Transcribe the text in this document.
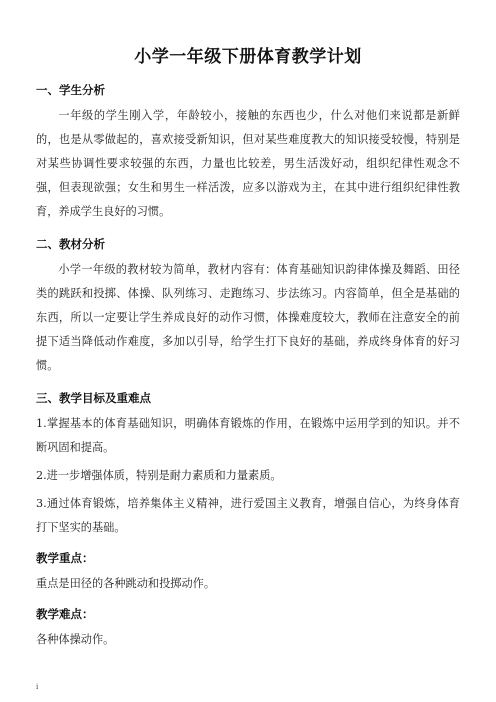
小学一年级下册体育教学计划
一、学生分析

一年级的学生刚入学，年龄较小，接触的东西也少，什么对他们来说都是新鲜的，也是从零做起的，喜欢接受新知识，但对某些难度教大的知识接受较慢，特别是对某些协调性要求较强的东西，力量也比较差，男生活泼好动，组织纪律性观念不强，但表现欲强；女生和男生一样活泼，应多以游戏为主，在其中进行组织纪律性教育，养成学生良好的习惯。

二、教材分析

小学一年级的教材较为简单，教材内容有：体育基础知识韵律体操及舞蹈、田径类的跳跃和投掷、体操、队列练习、走跑练习、步法练习。内容简单，但全是基础的东西，所以一定要让学生养成良好的动作习惯，体操难度较大，教师在注意安全的前提下适当降低动作难度，多加以引导，给学生打下良好的基础，养成终身体育的好习惯。

三、教学目标及重难点

1.掌握基本的体育基础知识，明确体育锻炼的作用，在锻炼中运用学到的知识。并不断巩固和提高。

2.进一步增强体质，特别是耐力素质和力量素质。

3.通过体育锻炼，培养集体主义精神，进行爱国主义教育，增强自信心，为终身体育打下坚实的基础。

教学重点：

重点是田径的各种跳动和投掷动作。

教学难点：

各种体操动作。

i
